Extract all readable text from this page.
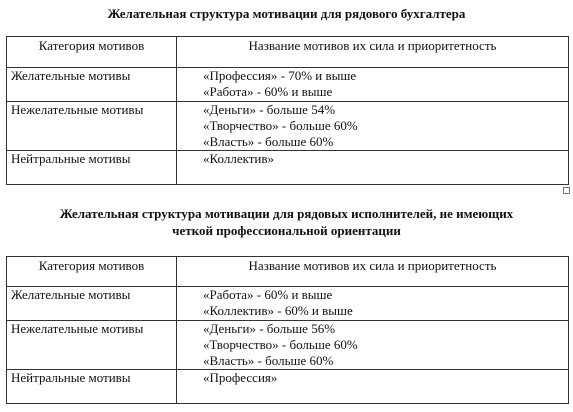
Желательная структура мотивации для рядового бухгалтера
Категория мотивов	Название мотивов их сила и приоритетность
Желательные мотивы	«Профессия» - 70% и выше
«Работа» - 60% и выше

Нежелательные мотивы	«Деньги» - больше 54%
«Творчество» - больше 60%
«Власть» - больше 60%

Нейтральные мотивы	«Коллектив»
Желательная структура мотивации для рядовых исполнителей, не имеющих
четкой профессиональной ориентации
Категория мотивов	Название мотивов их сила и приоритетность
Желательные мотивы	«Работа» - 60% и выше
«Коллектив» - 60% и выше

Нежелательные мотивы	«Деньги» - больше 56%
«Творчество» - больше 60%
«Власть» - больше 60%

Нейтральные мотивы	«Профессия»
